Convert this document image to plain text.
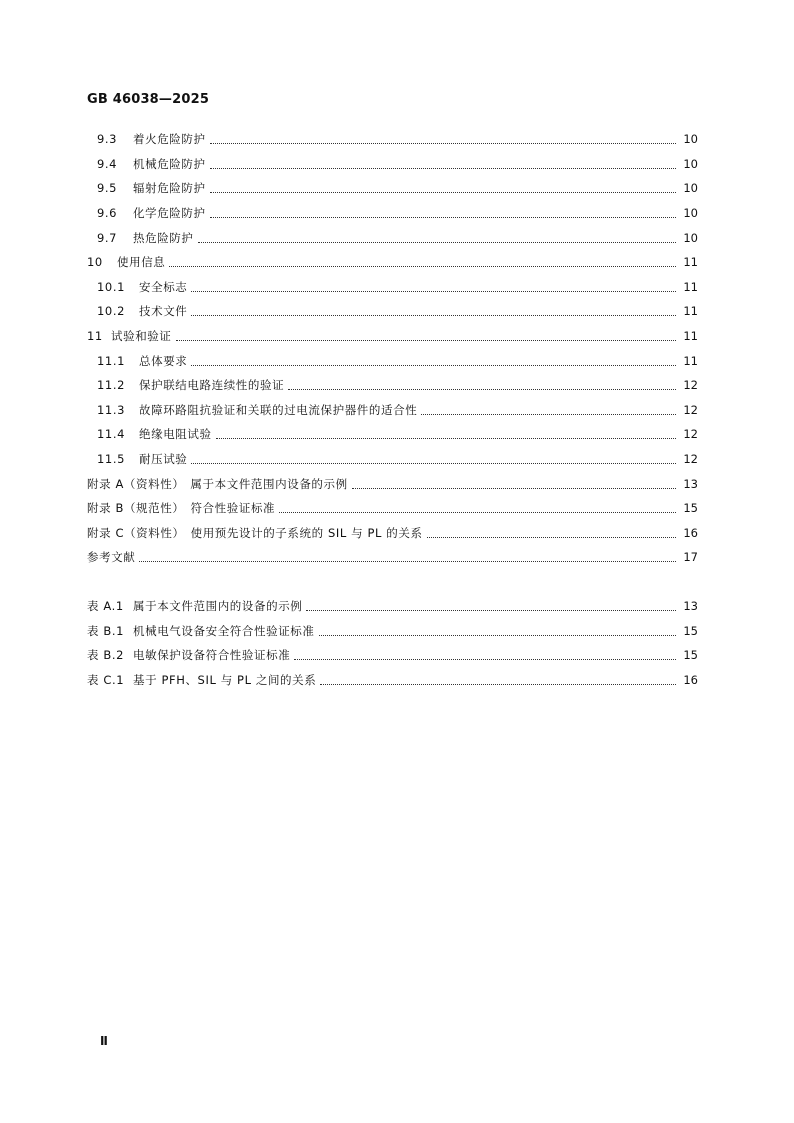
GB 46038—2025
9.3 着火危险防护	10
9.4 机械危险防护	10
9.5 辐射危险防护	10
9.6 化学危险防护	10
9.7 热危险防护	10
10 使用信息	11
10.1 安全标志	11
10.2 技术文件	11
11 试验和验证	11
11.1 总体要求	11
11.2 保护联结电路连续性的验证	12
11.3 故障环路阻抗验证和关联的过电流保护器件的适合性	12
11.4 绝缘电阻试验	12
11.5 耐压试验	12
附录 A（资料性） 属于本文件范围内设备的示例	13
附录 B（规范性） 符合性验证标准	15
附录 C（资料性） 使用预先设计的子系统的 SIL 与 PL 的关系	16
参考文献	17
表 A.1 属于本文件范围内的设备的示例	13
表 B.1 机械电气设备安全符合性验证标准	15
表 B.2 电敏保护设备符合性验证标准	15
表 C.1 基于 PFH、SIL 与 PL 之间的关系	16
Ⅱ
